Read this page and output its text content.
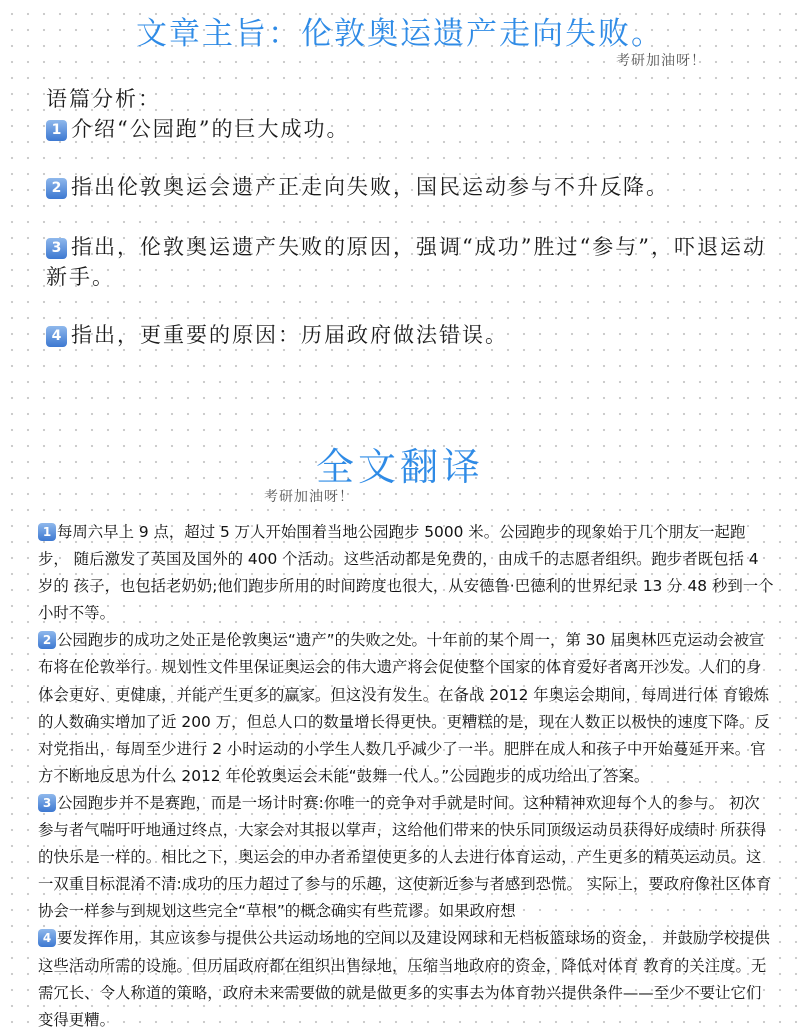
文章主旨：伦敦奥运遗产走向失败。
考研加油呀！
语篇分析：
1 介绍“公园跑”的巨大成功。
2 指出伦敦奥运会遗产正走向失败，国民运动参与不升反降。
3 指出，伦敦奥运遗产失败的原因，强调“成功”胜过“参与”，吓退运动新手。
4 指出，更重要的原因：历届政府做法错误。
全文翻译
考研加油呀！

1 每周六早上 9 点，超过 5 万人开始围着当地公园跑步 5000 米。公园跑步的现象始于几个朋友一起跑步， 随后激发了英国及国外的 400 个活动。这些活动都是免费的，由成千的志愿者组织。跑步者既包括 4 岁的 孩子，也包括老奶奶;他们跑步所用的时间跨度也很大，从安德鲁·巴德利的世界纪录 13 分 48 秒到一个小时不等。

2 公园跑步的成功之处正是伦敦奥运“遗产”的失败之处。十年前的某个周一，第 30 届奥林匹克运动会被宣布将在伦敦举行。规划性文件里保证奥运会的伟大遗产将会促使整个国家的体育爱好者离开沙发。人们的身体会更好、更健康，并能产生更多的赢家。但这没有发生。在备战 2012 年奥运会期间，每周进行体 育锻炼的人数确实增加了近 200 万，但总人口的数量增长得更快。更糟糕的是，现在人数正以极快的速度下降。反对党指出，每周至少进行 2 小时运动的小学生人数几乎减少了一半。肥胖在成人和孩子中开始蔓延开来。官方不断地反思为什么 2012 年伦敦奥运会未能“鼓舞一代人。”公园跑步的成功给出了答案。

3 公园跑步并不是赛跑，而是一场计时赛:你唯一的竞争对手就是时间。这种精神欢迎每个人的参与。 初次参与者气喘吁吁地通过终点，大家会对其报以掌声，这给他们带来的快乐同顶级运动员获得好成绩时 所获得的快乐是一样的。相比之下，奥运会的申办者希望使更多的人去进行体育运动，产生更多的精英运动员。这一双重目标混淆不清:成功的压力超过了参与的乐趣，这使新近参与者感到恐慌。 实际上，要政府像社区体育协会一样参与到规划这些完全“草根”的概念确实有些荒谬。如果政府想

4 要发挥作用，其应该参与提供公共运动场地的空间以及建设网球和无档板篮球场的资金， 并鼓励学校提供这些活动所需的设施。但历届政府都在组织出售绿地，压缩当地政府的资金，降低对体育 教育的关注度。无需冗长、令人称道的策略，政府未来需要做的就是做更多的实事去为体育勃兴提供条件——至少不要让它们变得更糟。
